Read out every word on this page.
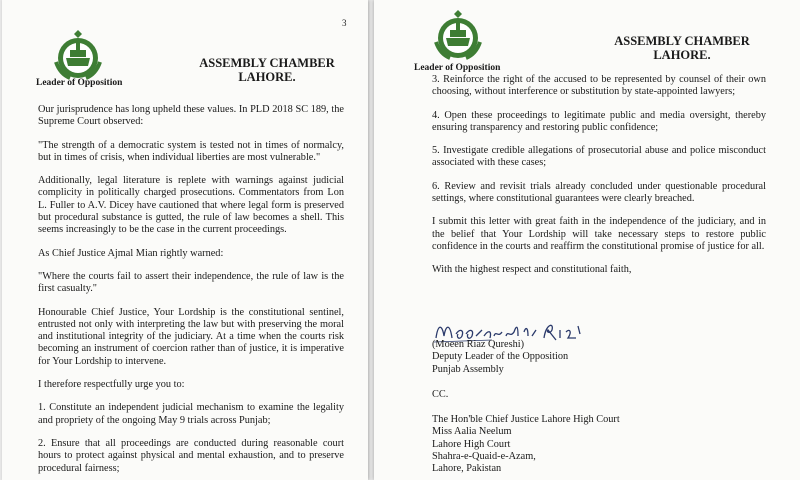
3
Leader of Opposition
ASSEMBLY CHAMBER
LAHORE.

Our jurisprudence has long upheld these values. In PLD 2018 SC 189, the Supreme Court observed:

"The strength of a democratic system is tested not in times of normalcy, but in times of crisis, when individual liberties are most vulnerable."

Additionally, legal literature is replete with warnings against judicial complicity in politically charged prosecutions. Commentators from Lon L. Fuller to A.V. Dicey have cautioned that where legal form is preserved but procedural substance is gutted, the rule of law becomes a shell. This seems increasingly to be the case in the current proceedings.

As Chief Justice Ajmal Mian rightly warned:

"Where the courts fail to assert their independence, the rule of law is the first casualty."

Honourable Chief Justice, Your Lordship is the constitutional sentinel, entrusted not only with interpreting the law but with preserving the moral and institutional integrity of the judiciary. At a time when the courts risk becoming an instrument of coercion rather than of justice, it is imperative for Your Lordship to intervene.

I therefore respectfully urge you to:

1. Constitute an independent judicial mechanism to examine the legality and propriety of the ongoing May 9 trials across Punjab;

2. Ensure that all proceedings are conducted during reasonable court hours to protect against physical and mental exhaustion, and to preserve procedural fairness;

Leader of Opposition
ASSEMBLY CHAMBER
LAHORE.

3. Reinforce the right of the accused to be represented by counsel of their own choosing, without interference or substitution by state-appointed lawyers;

4. Open these proceedings to legitimate public and media oversight, thereby ensuring transparency and restoring public confidence;

5. Investigate credible allegations of prosecutorial abuse and police misconduct associated with these cases;

6. Review and revisit trials already concluded under questionable procedural settings, where constitutional guarantees were clearly breached.

I submit this letter with great faith in the independence of the judiciary, and in the belief that Your Lordship will take necessary steps to restore public confidence in the courts and reaffirm the constitutional promise of justice for all.

With the highest respect and constitutional faith,

(Moeen Riaz Qureshi)
Deputy Leader of the Opposition
Punjab Assembly
CC.
The Hon'ble Chief Justice Lahore High Court
Miss Aalia Neelum
Lahore High Court
Shahra-e-Quaid-e-Azam,
Lahore, Pakistan
